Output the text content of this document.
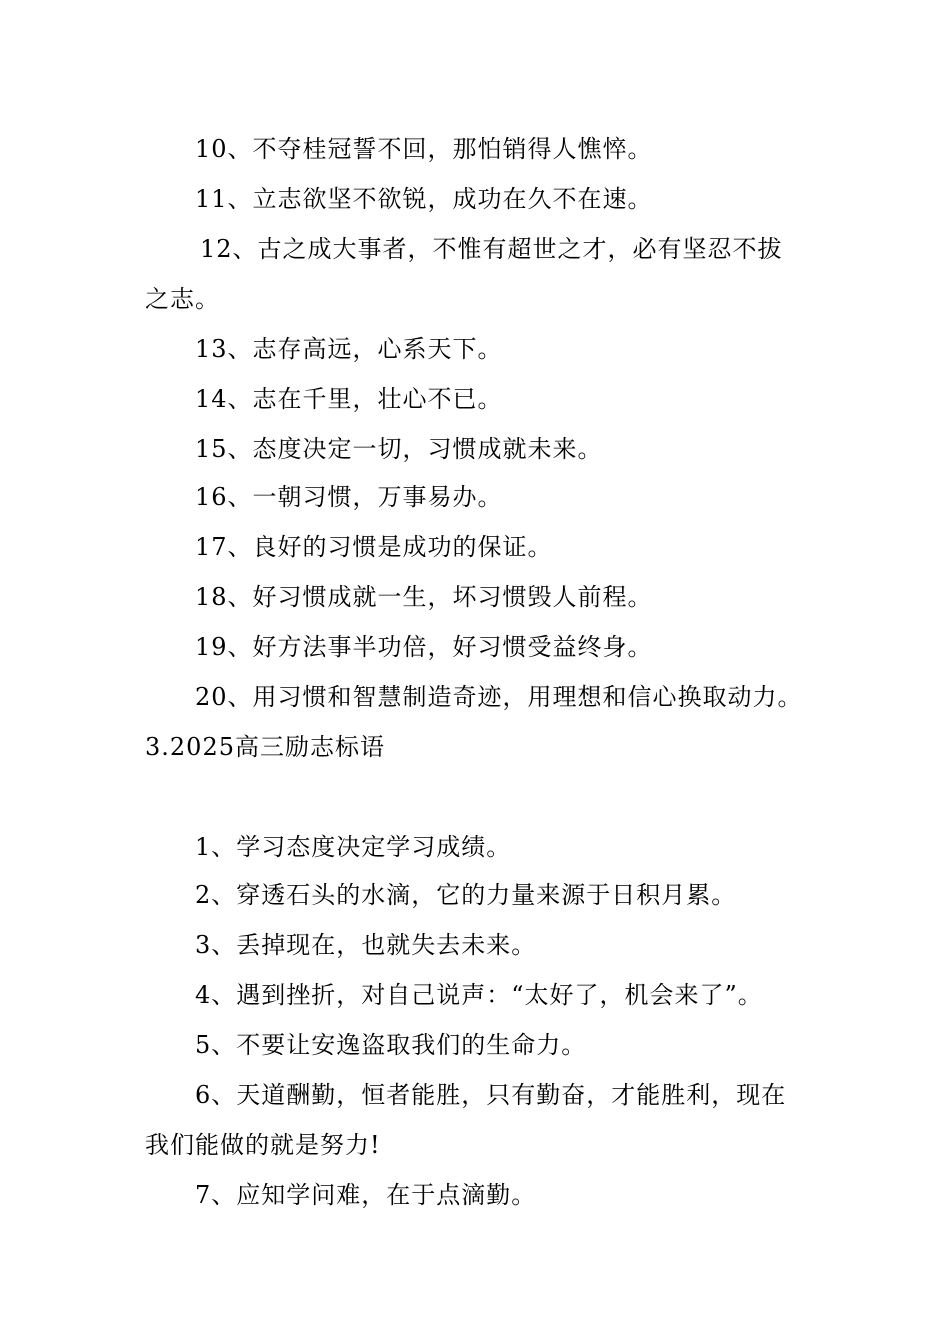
10、不夺桂冠誓不回，那怕销得人憔悴。
11、立志欲坚不欲锐，成功在久不在速。
12、古之成大事者，不惟有超世之才，必有坚忍不拔
之志。
13、志存高远，心系天下。
14、志在千里，壮心不已。
15、态度决定一切，习惯成就未来。
16、一朝习惯，万事易办。
17、良好的习惯是成功的保证。
18、好习惯成就一生，坏习惯毁人前程。
19、好方法事半功倍，好习惯受益终身。
20、用习惯和智慧制造奇迹，用理想和信心换取动力。
3.2025高三励志标语
1、学习态度决定学习成绩。
2、穿透石头的水滴，它的力量来源于日积月累。
3、丢掉现在，也就失去未来。
4、遇到挫折，对自己说声：“太好了，机会来了”。
5、不要让安逸盗取我们的生命力。
6、天道酬勤，恒者能胜，只有勤奋，才能胜利，现在
我们能做的就是努力!
7、应知学问难，在于点滴勤。
